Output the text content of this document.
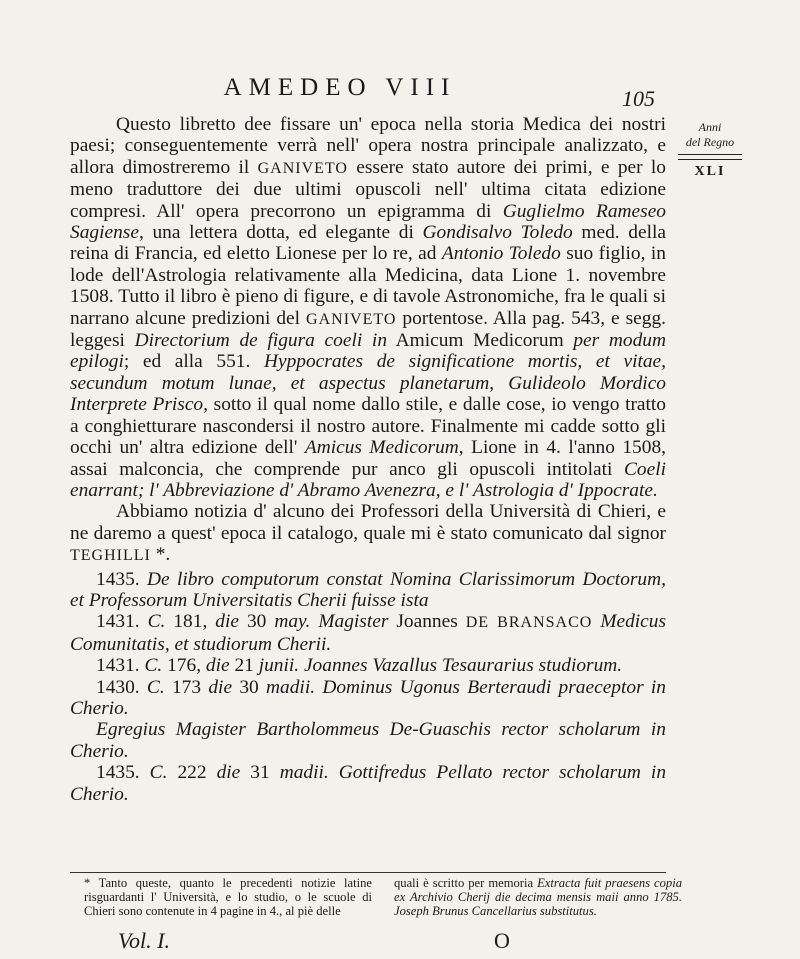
AMEDEO VIII	105
Anni
del Regno
XLI

Questo libretto dee fissare un' epoca nella storia Medica dei nostri paesi; conseguentemente verrà nell' opera nostra principale analizzato, e allora dimostreremo il GANIVETO essere stato autore dei primi, e per lo meno traduttore dei due ultimi opuscoli nell' ultima citata edizione compresi. All' opera precorrono un epigramma di Guglielmo Rameseo Sagiense, una lettera dotta, ed elegante di Gondisalvo Toledo med. della reina di Francia, ed eletto Lionese per lo re, ad Antonio Toledo suo figlio, in lode dell'Astrologia relativamente alla Medicina, data Lione 1. novembre 1508. Tutto il libro è pieno di figure, e di tavole Astronomiche, fra le quali si narrano alcune predizioni del GANIVETO portentose. Alla pag. 543, e segg. leggesi Directorium de figura coeli in Amicum Medicorum per modum epilogi; ed alla 551. Hyppocrates de significatione mortis, et vitae, secundum motum lunae, et aspectus planetarum, Gulideolo Mordico Interprete Prisco, sotto il qual nome dallo stile, e dalle cose, io vengo tratto a conghietturare nascondersi il nostro autore. Finalmente mi cadde sotto gli occhi un' altra edizione dell' Amicus Medicorum, Lione in 4. l'anno 1508, assai malconcia, che comprende pur anco gli opuscoli intitolati Coeli enarrant; l' Abbreviazione d' Abramo Avenezra, e l' Astrologia d' Ippocrate.

Abbiamo notizia d' alcuno dei Professori della Università di Chieri, e ne daremo a quest' epoca il catalogo, quale mi è stato comunicato dal signor TEGHILLI *.

1435. De libro computorum constat Nomina Clarissimorum Doctorum, et Professorum Universitatis Cherii fuisse ista

1431. C. 181, die 30 may. Magister Joannes DE BRANSACO Medicus Comunitatis, et studiorum Cherii.

1431. C. 176, die 21 junii. Joannes Vazallus Tesaurarius studiorum.

1430. C. 173 die 30 madii. Dominus Ugonus Berteraudi praeceptor in Cherio.

Egregius Magister Bartholommeus De-Guaschis rector scholarum in Cherio.

1435. C. 222 die 31 madii. Gottifredus Pellato rector scholarum in Cherio.

* Tanto queste, quanto le precedenti notizie latine risguardanti l' Università, e lo studio, o le scuole di Chieri sono contenute in 4 pagine in 4., al piè delle

quali è scritto per memoria Extracta fuit praesens copia ex Archivio Cherij die decima mensis maii anno 1785. Joseph Brunus Cancellarius substitutus.

Vol. I.	O
